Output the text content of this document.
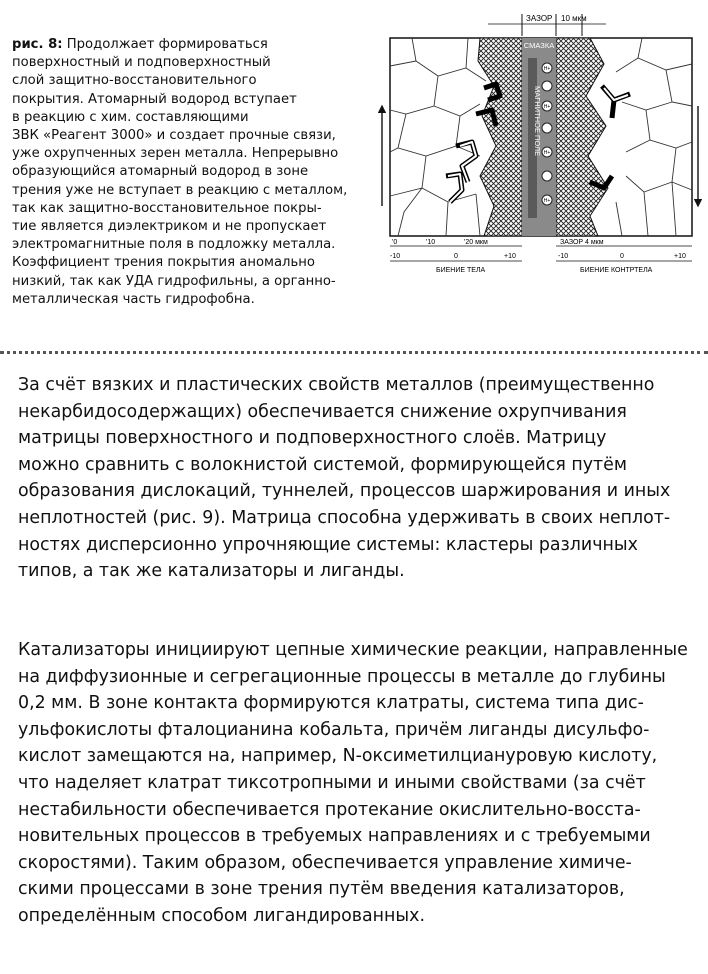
рис. 8: Продолжает формироваться
поверхностный и подповерхностный
слой защитно-восстановительного
покрытия. Атомарный водород вступает
в реакцию с хим. составляющими
ЗВК «Реагент 3000» и создает прочные связи,
уже охрупченных зерен металла. Непрерывно
образующийся атомарный водород в зоне
трения уже не вступает в реакцию с металлом,
так как защитно-восстановительное покры-
тие является диэлектриком и не пропускает
электромагнитные поля в подложку металла.
Коэффициент трения покрытия аномально
низкий, так как УДА гидрофильны, а органно-
металлическая часть гидрофобна.
ЗАЗОР 10 мкм
СМАЗКА
МАГНИТНОЕ ПОЛЕ
H+
H+
H+
H+
'0	'10	'20 мкм
-10	0	+10
БИЕНИЕ ТЕЛА
ЗАЗОР 4 мкм
-10	0	+10
БИЕНИЕ КОНТРТЕЛА
За счёт вязких и пластических свойств металлов (преимущественно
некарбидосодержащих) обеспечивается снижение охрупчивания
матрицы поверхностного и подповерхностного слоёв. Матрицу
можно сравнить с волокнистой системой, формирующейся путём
образования дислокаций, туннелей, процессов шаржирования и иных
неплотностей (рис. 9). Матрица способна удерживать в своих неплот-
ностях дисперсионно упрочняющие системы: кластеры различных
типов, а так же катализаторы и лиганды.
Катализаторы инициируют цепные химические реакции, направленные
на диффузионные и сегрегационные процессы в металле до глубины
0,2 мм. В зоне контакта формируются клатраты, система типа дис-
ульфокислоты фталоцианина кобальта, причём лиганды дисульфо-
кислот замещаются на, например, N-оксиметилциануровую кислоту,
что наделяет клатрат тиксотропными и иными свойствами (за счёт
нестабильности обеспечивается протекание окислительно-восста-
новительных процессов в требуемых направлениях и с требуемыми
скоростями). Таким образом, обеспечивается управление химиче-
скими процессами в зоне трения путём введения катализаторов,
определённым способом лигандированных.
